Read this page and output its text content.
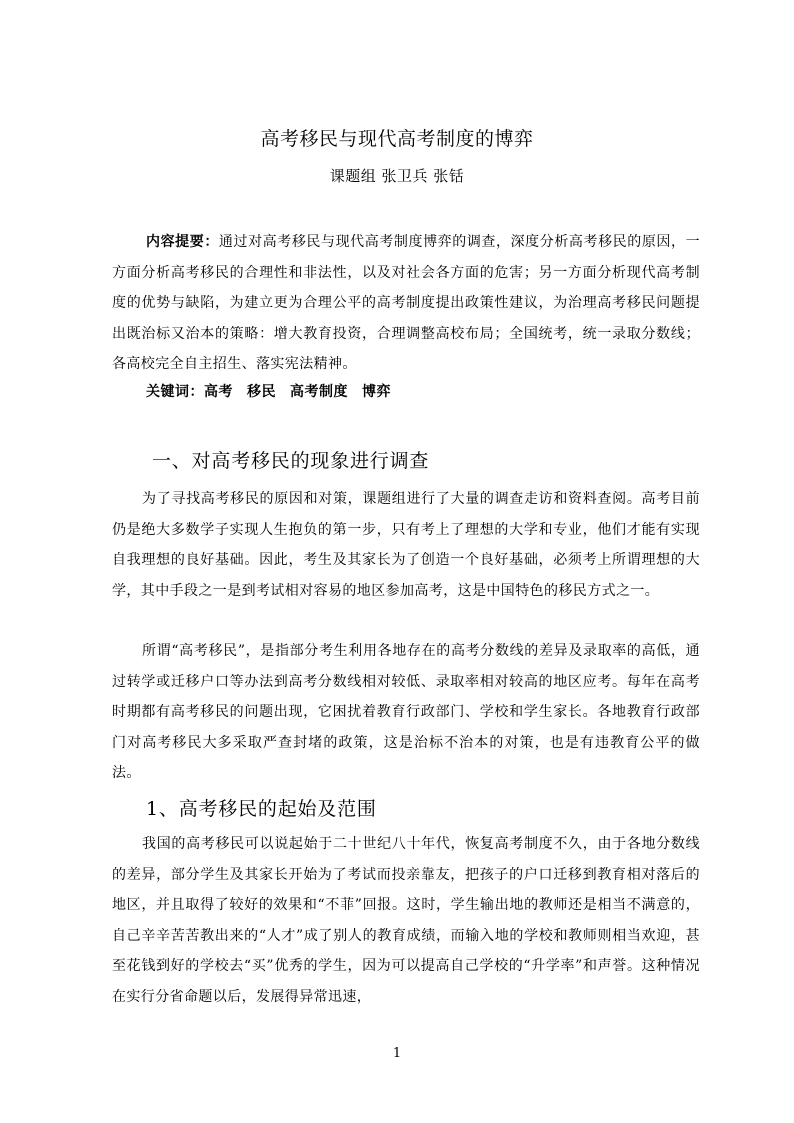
高考移民与现代高考制度的博弈
课题组 张卫兵 张铦
内容提要：通过对高考移民与现代高考制度博弈的调查，深度分析高考移民的原因，一方面分析高考移民的合理性和非法性，以及对社会各方面的危害；另一方面分析现代高考制度的优势与缺陷，为建立更为合理公平的高考制度提出政策性建议，为治理高考移民问题提出既治标又治本的策略：增大教育投资，合理调整高校布局；全国统考，统一录取分数线；各高校完全自主招生、落实宪法精神。
关键词：高考 移民 高考制度 博弈
一、对高考移民的现象进行调查
为了寻找高考移民的原因和对策，课题组进行了大量的调查走访和资料查阅。高考目前仍是绝大多数学子实现人生抱负的第一步，只有考上了理想的大学和专业，他们才能有实现自我理想的良好基础。因此，考生及其家长为了创造一个良好基础，必须考上所谓理想的大学，其中手段之一是到考试相对容易的地区参加高考，这是中国特色的移民方式之一。
所谓“高考移民”，是指部分考生利用各地存在的高考分数线的差异及录取率的高低，通过转学或迁移户口等办法到高考分数线相对较低、录取率相对较高的地区应考。每年在高考时期都有高考移民的问题出现，它困扰着教育行政部门、学校和学生家长。各地教育行政部门对高考移民大多采取严查封堵的政策，这是治标不治本的对策，也是有违教育公平的做法。
1、高考移民的起始及范围
我国的高考移民可以说起始于二十世纪八十年代，恢复高考制度不久，由于各地分数线的差异，部分学生及其家长开始为了考试而投亲靠友，把孩子的户口迁移到教育相对落后的地区，并且取得了较好的效果和“不菲”回报。这时，学生输出地的教师还是相当不满意的，自己辛辛苦苦教出来的“人才”成了别人的教育成绩，而输入地的学校和教师则相当欢迎，甚至花钱到好的学校去“买”优秀的学生，因为可以提高自己学校的“升学率”和声誉。这种情况在实行分省命题以后，发展得异常迅速，
1
